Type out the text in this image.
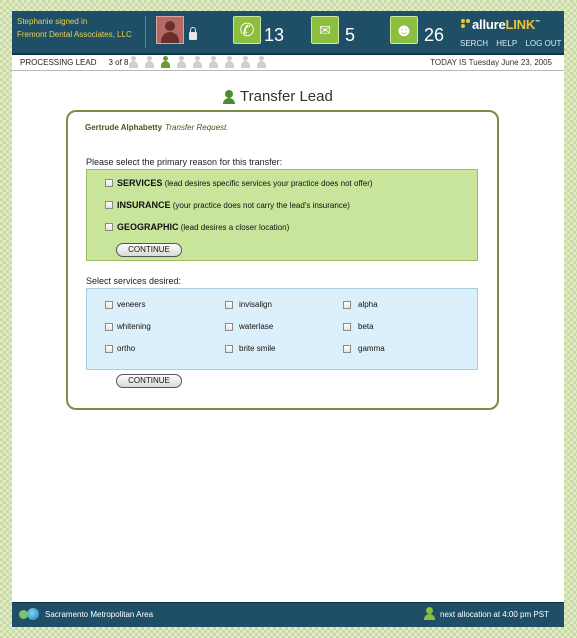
Stephanie signed in
Fremont Dental Associates, LLC	✆ 13	✉ 5 ☻ 26
allureLINK™
SERCH HELP LOG OUT
PROCESSING LEAD 3 of 8	TODAY IS Tuesday June 23, 2005
Transfer Lead
Gertrude Alphabetty Transfer Request.
Please select the primary reason for this transfer:
SERVICES (lead desires specific services your practice does not offer)
INSURANCE (your practice does not carry the lead's insurance)
GEOGRAPHIC (lead desires a closer location)
CONTINUE
Select services desired:
veneers	invisalign	alpha
whitening	waterlase	beta
ortho	brite smile	gamma
CONTINUE
Sacramento Metropolitan Area	next allocation at 4:00 pm PST
